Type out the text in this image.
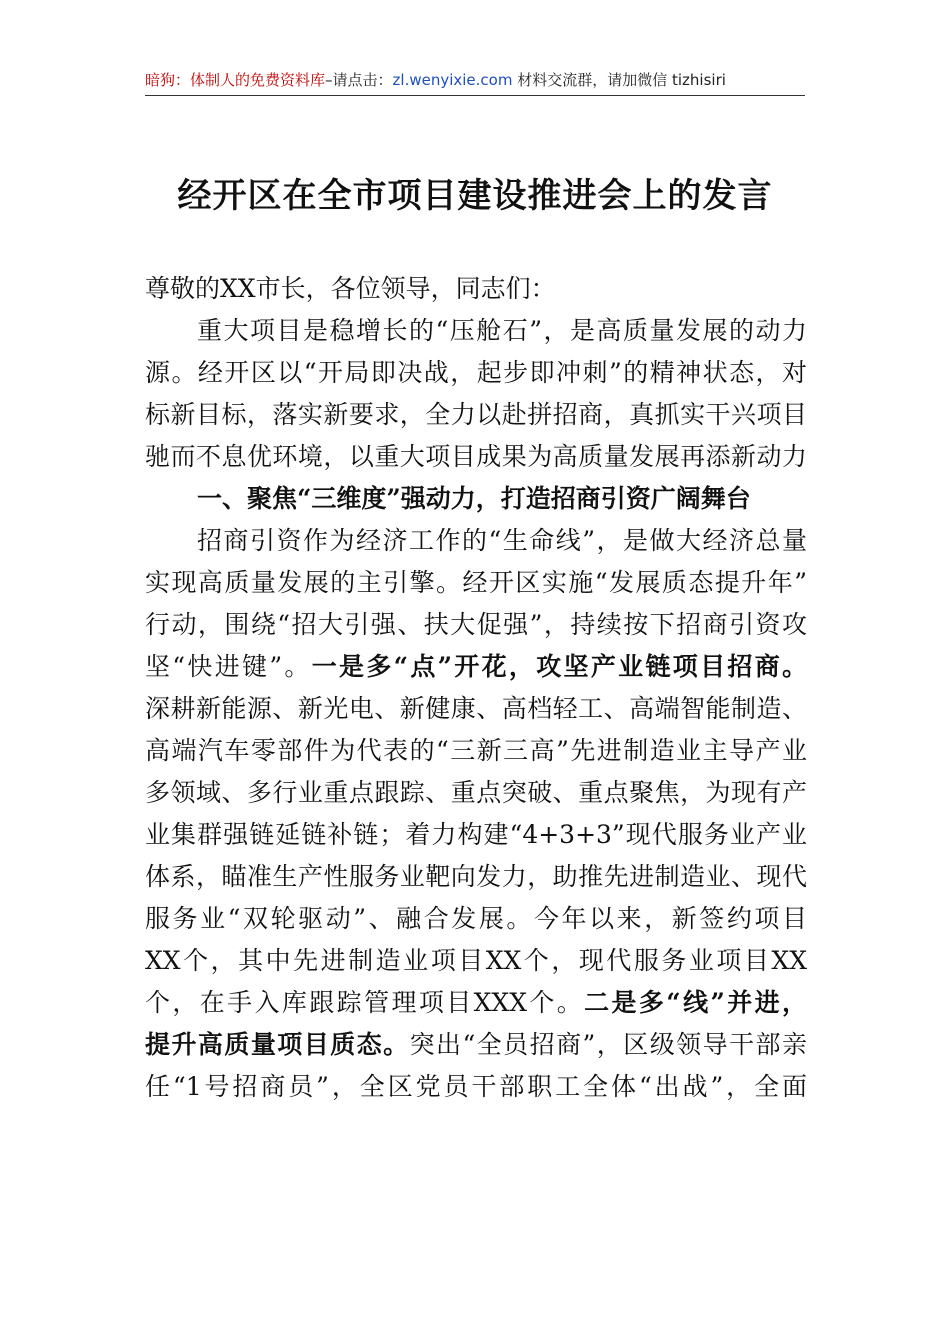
暗狗：体制人的免费资料库–请点击：zl.wenyixie.com 材料交流群，请加微信 tizhisiri
经开区在全市项目建设推进会上的发言
尊敬的XX市长，各位领导，同志们：
重大项目是稳增长的“压舱石”，是高质量发展的动力
源。经开区以“开局即决战，起步即冲刺”的精神状态，对
标新目标，落实新要求，全力以赴拼招商，真抓实干兴项目
驰而不息优环境，以重大项目成果为高质量发展再添新动力
一、聚焦“三维度”强动力，打造招商引资广阔舞台
招商引资作为经济工作的“生命线”，是做大经济总量
实现高质量发展的主引擎。经开区实施“发展质态提升年”
行动，围绕“招大引强、扶大促强”，持续按下招商引资攻
坚“快进键”。一是多“点”开花，攻坚产业链项目招商。
深耕新能源、新光电、新健康、高档轻工、高端智能制造、
高端汽车零部件为代表的“三新三高”先进制造业主导产业
多领域、多行业重点跟踪、重点突破、重点聚焦，为现有产
业集群强链延链补链；着力构建“4+3+3”现代服务业产业
体系，瞄准生产性服务业靶向发力，助推先进制造业、现代
服务业“双轮驱动”、融合发展。今年以来，新签约项目
XX个，其中先进制造业项目XX个，现代服务业项目XX
个，在手入库跟踪管理项目XXX个。二是多“线”并进，
提升高质量项目质态。突出“全员招商”，区级领导干部亲
任“1号招商员”，全区党员干部职工全体“出战”，全面
